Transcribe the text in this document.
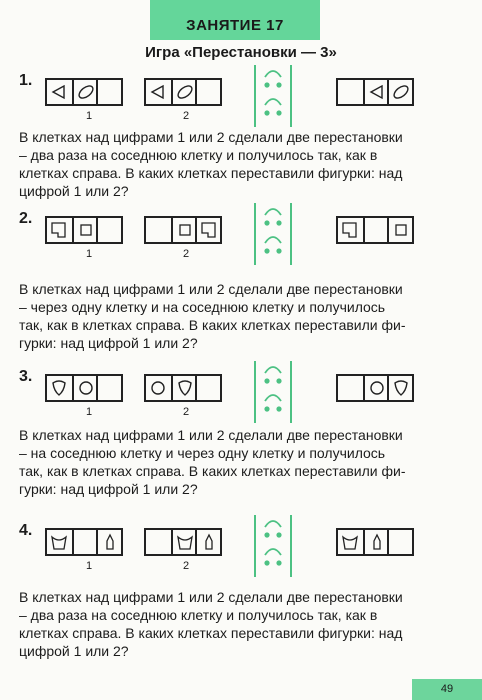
ЗАНЯТИЕ 17
Игра «Перестановки — 3»
1.
1	2
В клетках над цифрами 1 или 2 сделали две перестановки
– два раза на соседнюю клетку и получилось так, как в
клетках справа. В каких клетках переставили фигурки: над
цифрой 1 или 2?
2.
1	2
В клетках над цифрами 1 или 2 сделали две перестановки
– через одну клетку и на соседнюю клетку и получилось
так, как в клетках справа. В каких клетках переставили фи-
гурки: над цифрой 1 или 2?
3.
1	2
В клетках над цифрами 1 или 2 сделали две перестановки
– на соседнюю клетку и через одну клетку и получилось
так, как в клетках справа. В каких клетках переставили фи-
гурки: над цифрой 1 или 2?
4.
1	2
В клетках над цифрами 1 или 2 сделали две перестановки
– два раза на соседнюю клетку и получилось так, как в
клетках справа. В каких клетках переставили фигурки: над
цифрой 1 или 2?
49
